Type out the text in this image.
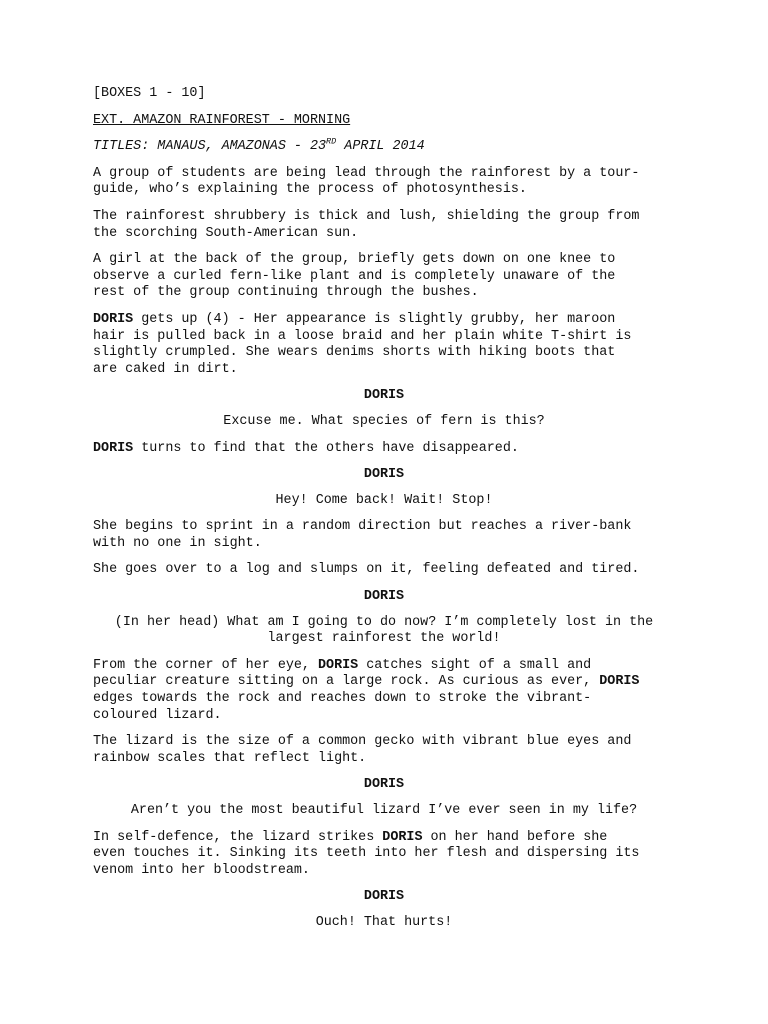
[BOXES 1 - 10]
EXT. AMAZON RAINFOREST - MORNING
TITLES: MANAUS, AMAZONAS - 23RD APRIL 2014
A group of students are being lead through the rainforest by a tour-
guide, who’s explaining the process of photosynthesis.
The rainforest shrubbery is thick and lush, shielding the group from
the scorching South-American sun.
A girl at the back of the group, briefly gets down on one knee to
observe a curled fern-like plant and is completely unaware of the
rest of the group continuing through the bushes.
DORIS gets up (4) - Her appearance is slightly grubby, her maroon
hair is pulled back in a loose braid and her plain white T-shirt is
slightly crumpled. She wears denims shorts with hiking boots that
are caked in dirt.
DORIS
Excuse me. What species of fern is this?
DORIS turns to find that the others have disappeared.
DORIS
Hey! Come back! Wait! Stop!
She begins to sprint in a random direction but reaches a river-bank
with no one in sight.
She goes over to a log and slumps on it, feeling defeated and tired.
DORIS
(In her head) What am I going to do now? I’m completely lost in the
largest rainforest the world!
From the corner of her eye, DORIS catches sight of a small and
peculiar creature sitting on a large rock. As curious as ever, DORIS
edges towards the rock and reaches down to stroke the vibrant-
coloured lizard.
The lizard is the size of a common gecko with vibrant blue eyes and
rainbow scales that reflect light.
DORIS
Aren’t you the most beautiful lizard I’ve ever seen in my life?
In self-defence, the lizard strikes DORIS on her hand before she
even touches it. Sinking its teeth into her flesh and dispersing its
venom into her bloodstream.
DORIS
Ouch! That hurts!
